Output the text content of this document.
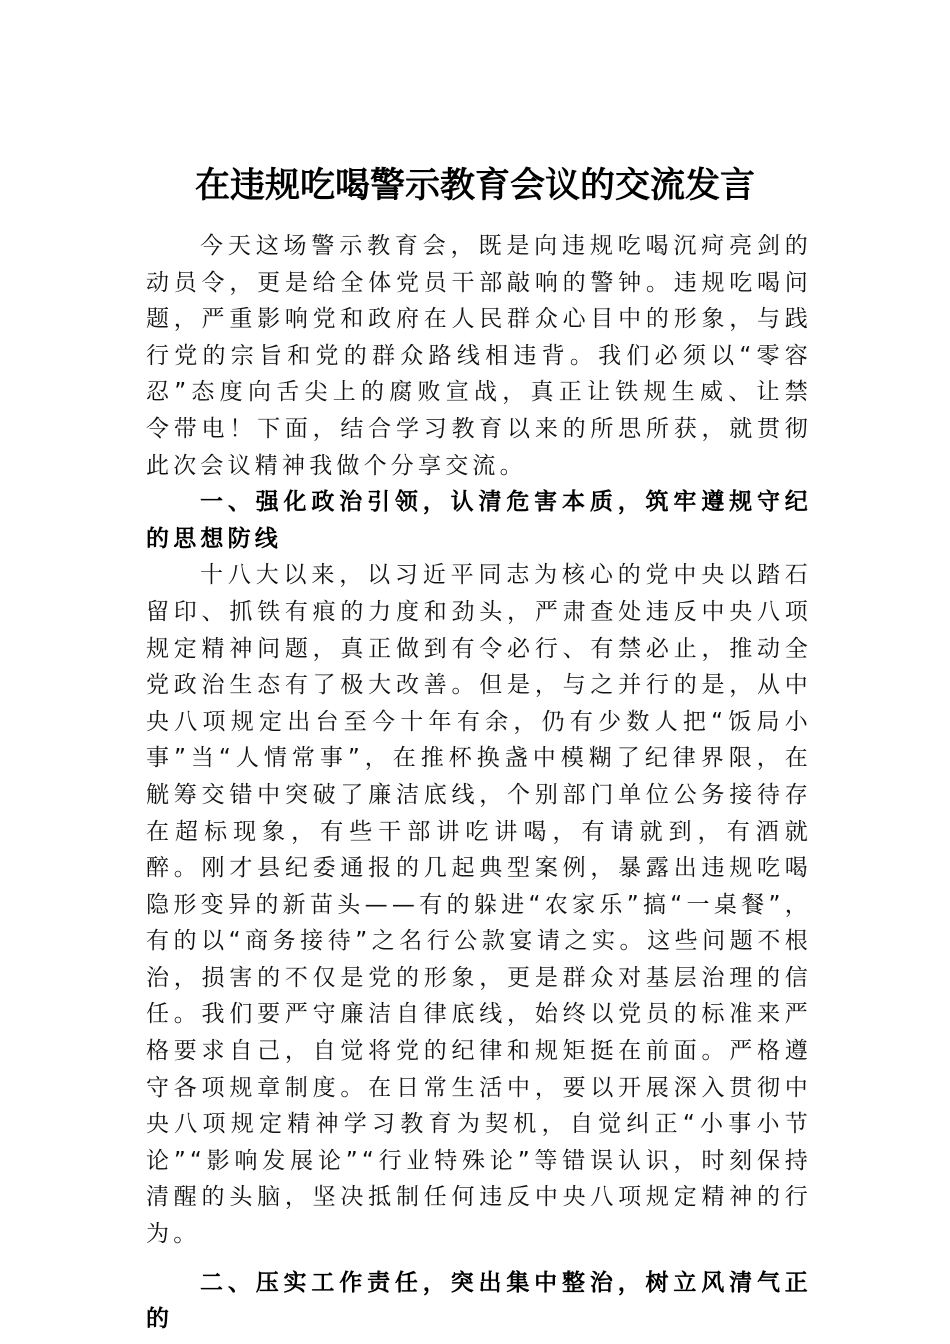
在违规吃喝警示教育会议的交流发言

今天这场警示教育会，既是向违规吃喝沉疴亮剑的动员令，更是给全体党员干部敲响的警钟。违规吃喝问题，严重影响党和政府在人民群众心目中的形象，与践行党的宗旨和党的群众路线相违背。我们必须以“零容忍”态度向舌尖上的腐败宣战，真正让铁规生威、让禁令带电！下面，结合学习教育以来的所思所获，就贯彻此次会议精神我做个分享交流。

一、强化政治引领，认清危害本质，筑牢遵规守纪的思想防线

十八大以来，以习近平同志为核心的党中央以踏石留印、抓铁有痕的力度和劲头，严肃查处违反中央八项规定精神问题，真正做到有令必行、有禁必止，推动全党政治生态有了极大改善。但是，与之并行的是，从中央八项规定出台至今十年有余，仍有少数人把“饭局小事”当“人情常事”，在推杯换盏中模糊了纪律界限，在觥筹交错中突破了廉洁底线，个别部门单位公务接待存在超标现象，有些干部讲吃讲喝，有请就到，有酒就醉。刚才县纪委通报的几起典型案例，暴露出违规吃喝隐形变异的新苗头——有的躲进“农家乐”搞“一桌餐”，有的以“商务接待”之名行公款宴请之实。这些问题不根治，损害的不仅是党的形象，更是群众对基层治理的信任。我们要严守廉洁自律底线，始终以党员的标准来严格要求自己，自觉将党的纪律和规矩挺在前面。严格遵守各项规章制度。在日常生活中，要以开展深入贯彻中央八项规定精神学习教育为契机，自觉纠正“小事小节论”“影响发展论”“行业特殊论”等错误认识，时刻保持清醒的头脑，坚决抵制任何违反中央八项规定精神的行为。

二、压实工作责任，突出集中整治，树立风清气正的
